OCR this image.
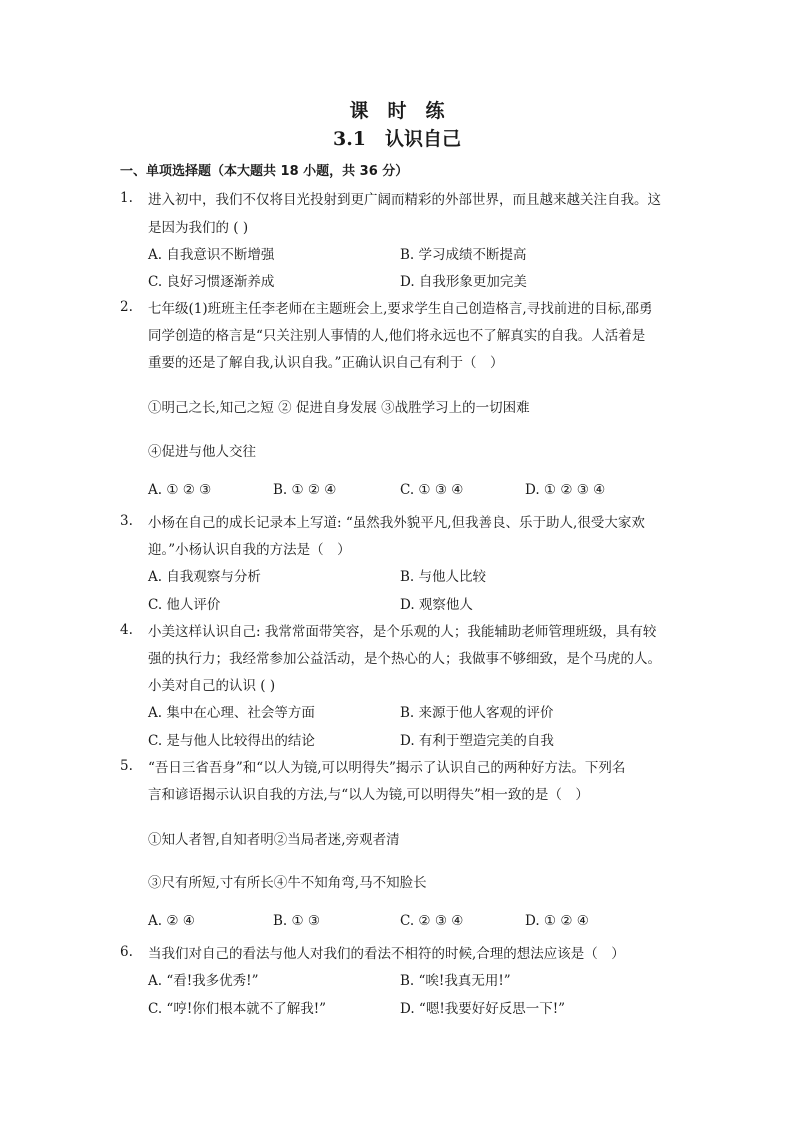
课　时　练
3.1　认识自己
一、单项选择题（本大题共 18 小题，共 36 分）
1. 进入初中，我们不仅将目光投射到更广阔而精彩的外部世界，而且越来越关注自我。这
是因为我们的 ( )
A. 自我意识不断增强	B. 学习成绩不断提高
C. 良好习惯逐渐养成	D. 自我形象更加完美
2. 七年级(1)班班主任李老师在主题班会上,要求学生自己创造格言,寻找前进的目标,邵勇
同学创造的格言是“只关注别人事情的人,他们将永远也不了解真实的自我。人活着是
重要的还是了解自我,认识自我。”正确认识自己有利于（　）
①明己之长,知己之短 ② 促进自身发展 ③战胜学习上的一切困难
④促进与他人交往
A. ① ② ③	B. ① ② ④	C. ① ③ ④	D. ① ② ③ ④
3. 小杨在自己的成长记录本上写道: “虽然我外貌平凡,但我善良、乐于助人,很受大家欢
迎。”小杨认识自我的方法是（　）
A. 自我观察与分析	B. 与他人比较
C. 他人评价	D. 观察他人
4. 小美这样认识自己: 我常常面带笑容，是个乐观的人；我能辅助老师管理班级，具有较
强的执行力；我经常参加公益活动，是个热心的人；我做事不够细致，是个马虎的人。
小美对自己的认识 ( )
A. 集中在心理、社会等方面	B. 来源于他人客观的评价
C. 是与他人比较得出的结论	D. 有利于塑造完美的自我
5. “吾日三省吾身”和“以人为镜,可以明得失”揭示了认识自己的两种好方法。下列名
言和谚语揭示认识自我的方法,与“以人为镜,可以明得失”相一致的是（　）
①知人者智,自知者明②当局者迷,旁观者清
③尺有所短,寸有所长④牛不知角弯,马不知脸长
A. ② ④	B. ① ③	C. ② ③ ④	D. ① ② ④
6. 当我们对自己的看法与他人对我们的看法不相符的时候,合理的想法应该是（　）
A. “看!我多优秀!”	B. “唉!我真无用!”
C. “哼!你们根本就不了解我!”	D. “嗯!我要好好反思一下!”
